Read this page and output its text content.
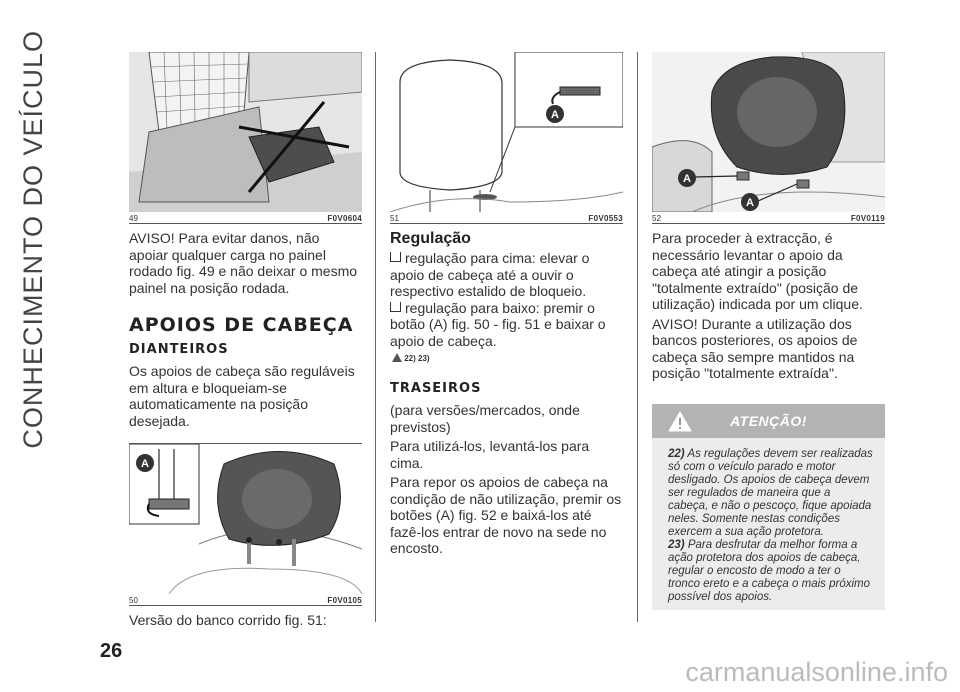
CONHECIMENTO DO VEÍCULO	49	F0V0604

AVISO! Para evitar danos, não apoiar qualquer carga no painel rodado fig. 49 e não deixar o mesmo painel na posição rodada.

APOIOS DE CABEÇA
DIANTEIROS

Os apoios de cabeça são reguláveis em altura e bloqueiam-se automaticamente na posição desejada.

A
50	F0V0105

Versão do banco corrido fig. 51:

A
51	F0V0553
Regulação

regulação para cima: elevar o apoio de cabeça até a ouvir o respectivo estalido de bloqueio.

regulação para baixo: premir o botão (A) fig. 50 - fig. 51 e baixar o apoio de cabeça.

22) 23)
TRASEIROS

(para versões/mercados, onde previstos)

Para utilizá-los, levantá-los para cima.

Para repor os apoios de cabeça na condição de não utilização, premir os botões (A) fig. 52 e baixá-los até fazê-los entrar de novo na sede no encosto.

A
A
52	F0V0119

Para proceder à extracção, é necessário levantar o apoio da cabeça até atingir a posição "totalmente extraído" (posição de utilização) indicada por um clique.

AVISO! Durante a utilização dos bancos posteriores, os apoios de cabeça são sempre mantidos na posição "totalmente extraída".

ATENÇÃO!

22) As regulações devem ser realizadas só com o veículo parado e motor desligado. Os apoios de cabeça devem ser regulados de maneira que a cabeça, e não o pescoço, fique apoiada neles. Somente nestas condições exercem a sua ação protetora.

23) Para desfrutar da melhor forma a ação protetora dos apoios de cabeça, regular o encosto de modo a ter o tronco ereto e a cabeça o mais próximo possível dos apoios.

26
carmanualsonline.info
